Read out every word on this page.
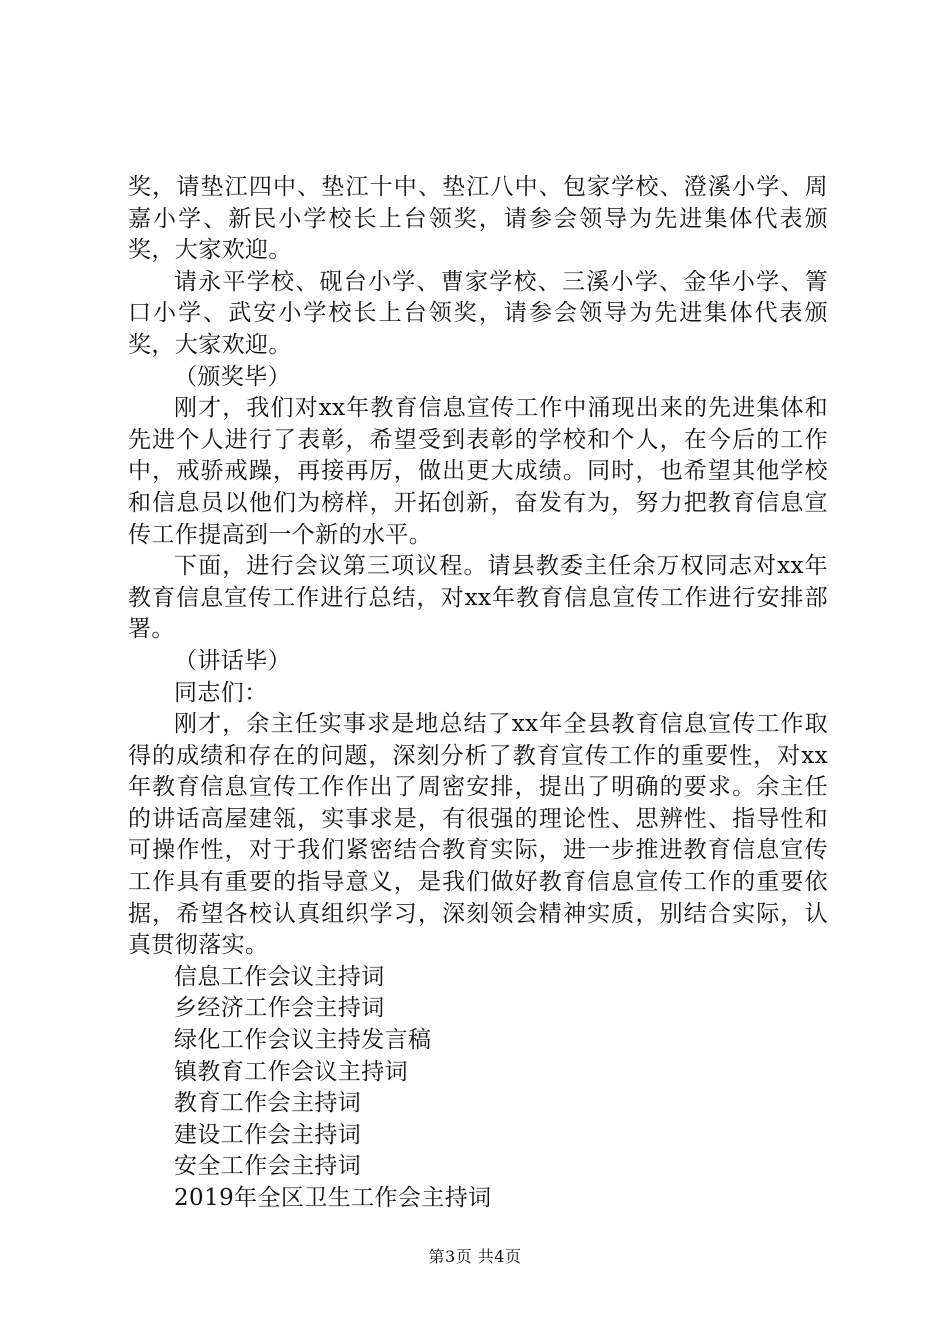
奖，请垫江四中、垫江十中、垫江八中、包家学校、澄溪小学、周嘉小学、新民小学校长上台领奖，请参会领导为先进集体代表颁奖，大家欢迎。

请永平学校、砚台小学、曹家学校、三溪小学、金华小学、箐口小学、武安小学校长上台领奖，请参会领导为先进集体代表颁奖，大家欢迎。

（颁奖毕）

刚才，我们对xx年教育信息宣传工作中涌现出来的先进集体和先进个人进行了表彰，希望受到表彰的学校和个人，在今后的工作中，戒骄戒躁，再接再厉，做出更大成绩。同时，也希望其他学校和信息员以他们为榜样，开拓创新，奋发有为，努力把教育信息宣传工作提高到一个新的水平。

下面，进行会议第三项议程。请县教委主任余万权同志对xx年教育信息宣传工作进行总结，对xx年教育信息宣传工作进行安排部署。

（讲话毕）

同志们：

刚才，余主任实事求是地总结了xx年全县教育信息宣传工作取得的成绩和存在的问题，深刻分析了教育宣传工作的重要性，对xx年教育信息宣传工作作出了周密安排，提出了明确的要求。余主任的讲话高屋建瓴，实事求是，有很强的理论性、思辨性、指导性和可操作性，对于我们紧密结合教育实际，进一步推进教育信息宣传工作具有重要的指导意义，是我们做好教育信息宣传工作的重要依据，希望各校认真组织学习，深刻领会精神实质，别结合实际，认真贯彻落实。

信息工作会议主持词

乡经济工作会主持词

绿化工作会议主持发言稿

镇教育工作会议主持词

教育工作会主持词

建设工作会主持词

安全工作会主持词

2019年全区卫生工作会主持词

第3页 共4页
